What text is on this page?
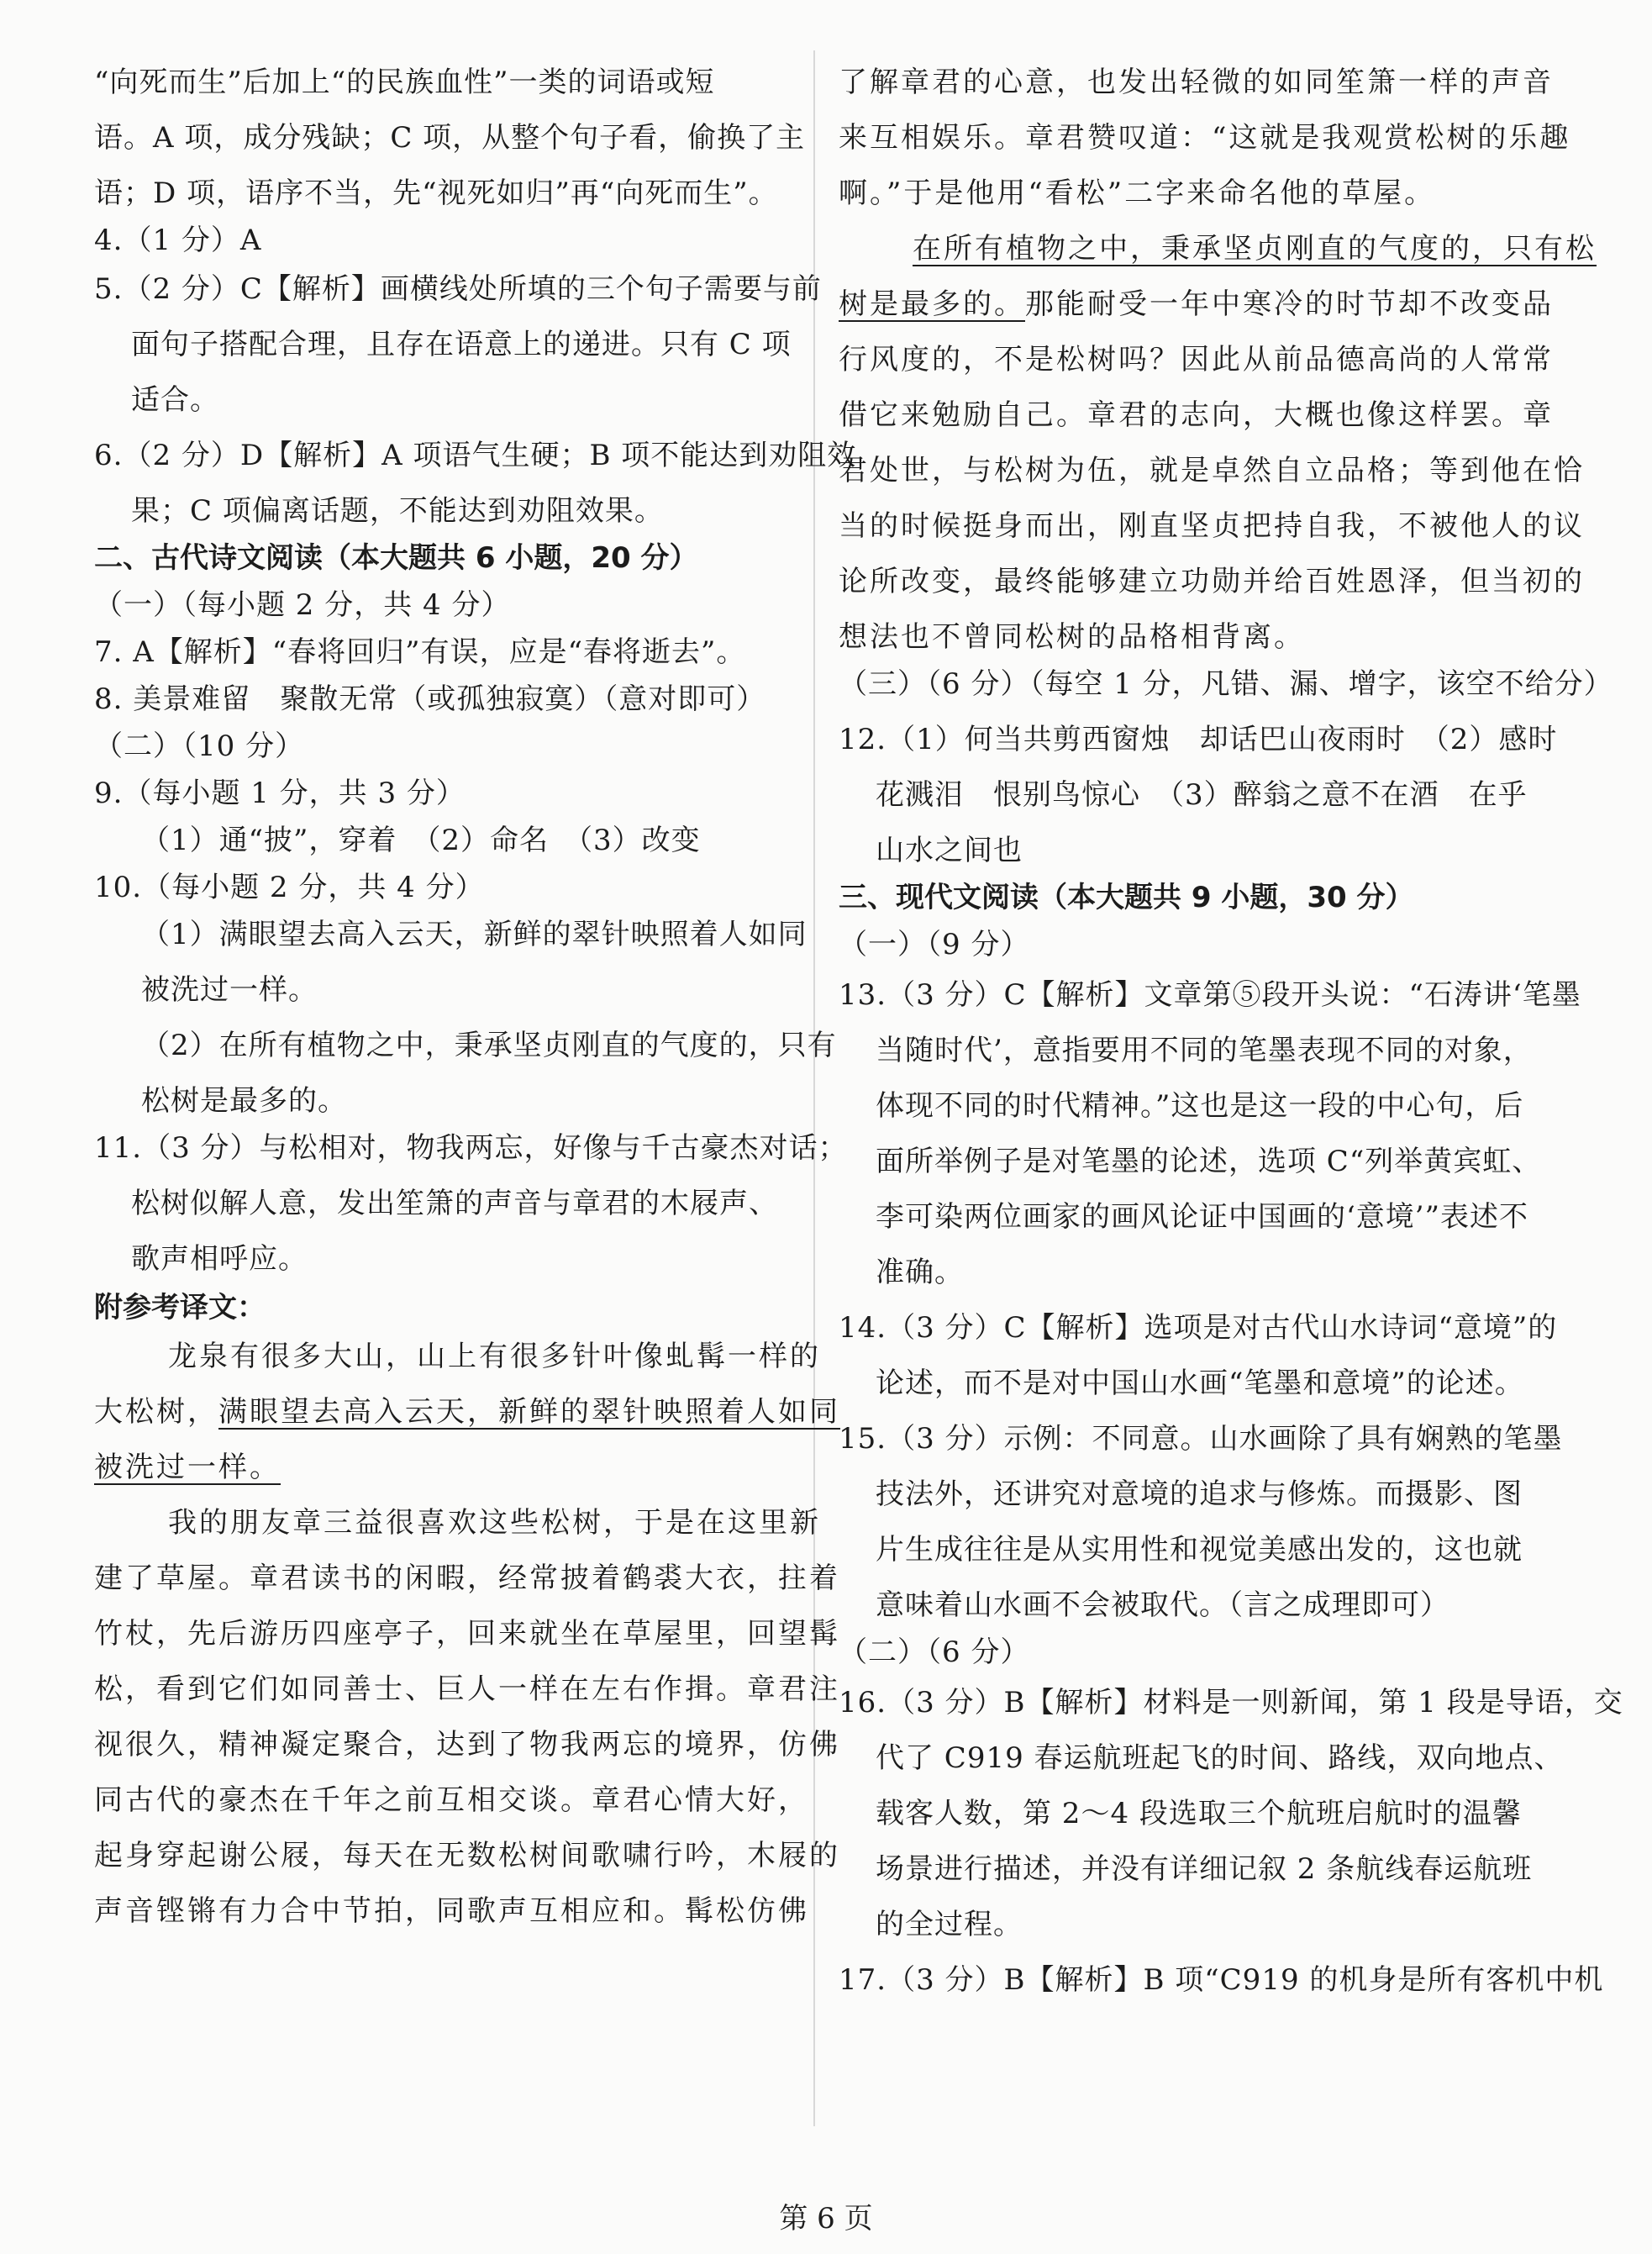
“向死而生”后加上“的民族血性”一类的词语或短
语。A 项，成分残缺；C 项，从整个句子看，偷换了主
语；D 项，语序不当，先“视死如归”再“向死而生”。
4.（1 分）A
5.（2 分）C【解析】画横线处所填的三个句子需要与前
面句子搭配合理，且存在语意上的递进。只有 C 项
适合。
6.（2 分）D【解析】A 项语气生硬；B 项不能达到劝阻效
果；C 项偏离话题，不能达到劝阻效果。
二、古代诗文阅读（本大题共 6 小题，20 分）
（一）（每小题 2 分，共 4 分）
7. A【解析】“春将回归”有误，应是“春将逝去”。
8. 美景难留　聚散无常（或孤独寂寞）（意对即可）
（二）（10 分）
9.（每小题 1 分，共 3 分）
（1）通“披”，穿着　（2）命名　（3）改变
10.（每小题 2 分，共 4 分）
（1）满眼望去高入云天，新鲜的翠针映照着人如同
被洗过一样。
（2）在所有植物之中，秉承坚贞刚直的气度的，只有
松树是最多的。
11.（3 分）与松相对，物我两忘，好像与千古豪杰对话；
松树似解人意，发出笙箫的声音与章君的木屐声、
歌声相呼应。
附参考译文：
龙泉有很多大山，山上有很多针叶像虬髯一样的
大松树，满眼望去高入云天，新鲜的翠针映照着人如同
被洗过一样。
我的朋友章三益很喜欢这些松树，于是在这里新
建了草屋。章君读书的闲暇，经常披着鹤裘大衣，拄着
竹杖，先后游历四座亭子，回来就坐在草屋里，回望髯
松，看到它们如同善士、巨人一样在左右作揖。章君注
视很久，精神凝定聚合，达到了物我两忘的境界，仿佛
同古代的豪杰在千年之前互相交谈。章君心情大好，
起身穿起谢公屐，每天在无数松树间歌啸行吟，木屐的
声音铿锵有力合中节拍，同歌声互相应和。髯松仿佛
了解章君的心意，也发出轻微的如同笙箫一样的声音
来互相娱乐。章君赞叹道：“这就是我观赏松树的乐趣
啊。”于是他用“看松”二字来命名他的草屋。
在所有植物之中，秉承坚贞刚直的气度的，只有松
树是最多的。那能耐受一年中寒冷的时节却不改变品
行风度的，不是松树吗？因此从前品德高尚的人常常
借它来勉励自己。章君的志向，大概也像这样罢。章
君处世，与松树为伍，就是卓然自立品格；等到他在恰
当的时候挺身而出，刚直坚贞把持自我，不被他人的议
论所改变，最终能够建立功勋并给百姓恩泽，但当初的
想法也不曾同松树的品格相背离。
（三）（6 分）（每空 1 分，凡错、漏、增字，该空不给分）
12.（1）何当共剪西窗烛　却话巴山夜雨时　（2）感时
花溅泪　恨别鸟惊心　（3）醉翁之意不在酒　在乎
山水之间也
三、现代文阅读（本大题共 9 小题，30 分）
（一）（9 分）
13.（3 分）C【解析】文章第⑤段开头说：“石涛讲‘笔墨
当随时代’，意指要用不同的笔墨表现不同的对象，
体现不同的时代精神。”这也是这一段的中心句，后
面所举例子是对笔墨的论述，选项 C“列举黄宾虹、
李可染两位画家的画风论证中国画的‘意境’”表述不
准确。
14.（3 分）C【解析】选项是对古代山水诗词“意境”的
论述，而不是对中国山水画“笔墨和意境”的论述。
15.（3 分）示例：不同意。山水画除了具有娴熟的笔墨
技法外，还讲究对意境的追求与修炼。而摄影、图
片生成往往是从实用性和视觉美感出发的，这也就
意味着山水画不会被取代。（言之成理即可）
（二）（6 分）
16.（3 分）B【解析】材料是一则新闻，第 1 段是导语，交
代了 C919 春运航班起飞的时间、路线，双向地点、
载客人数，第 2～4 段选取三个航班启航时的温馨
场景进行描述，并没有详细记叙 2 条航线春运航班
的全过程。
17.（3 分）B【解析】B 项“C919 的机身是所有客机中机
第 6 页
